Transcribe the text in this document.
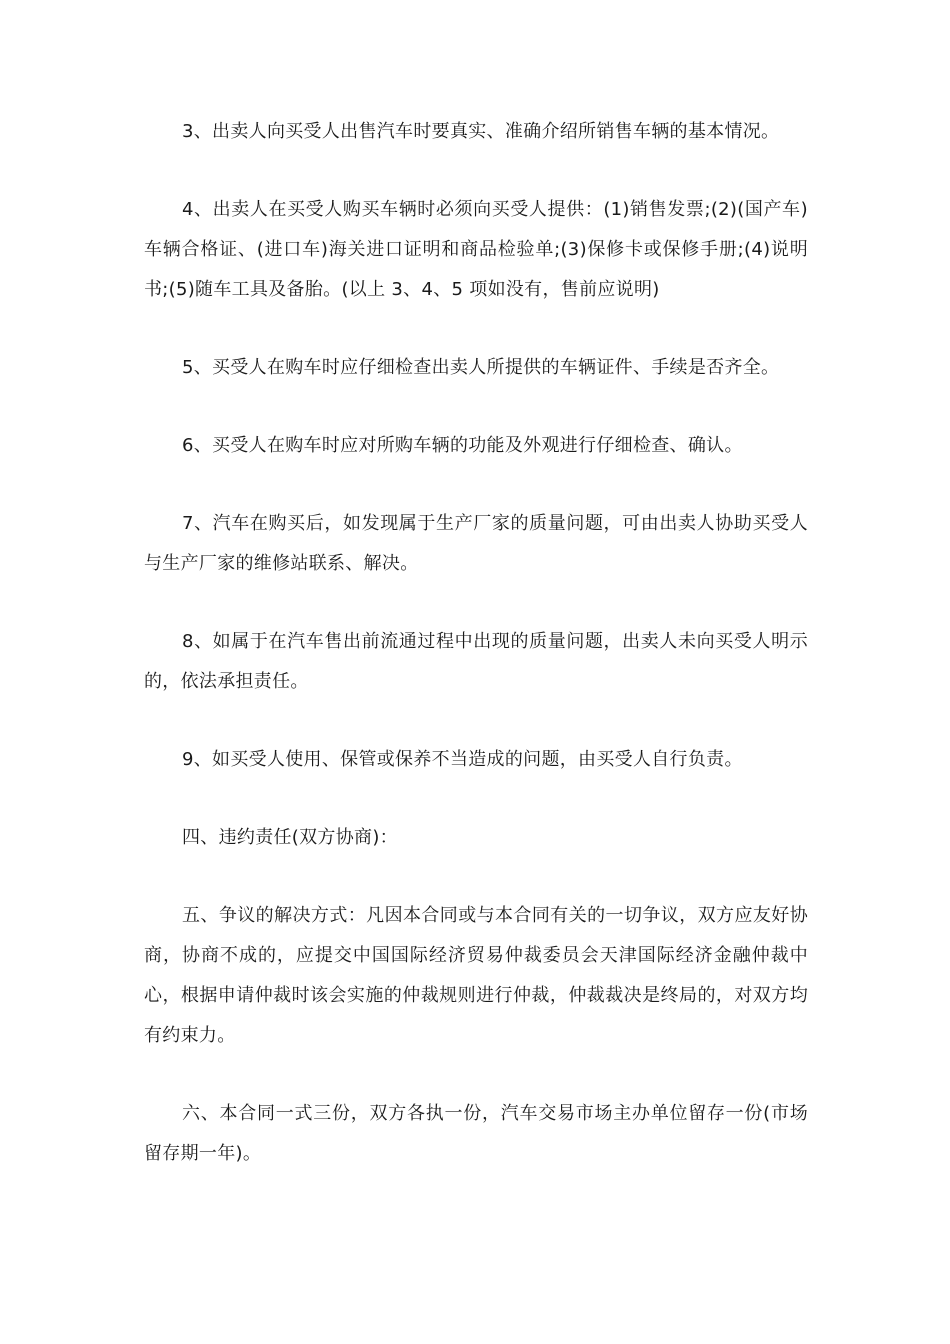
3、出卖人向买受人出售汽车时要真实、准确介绍所销售车辆的基本情况。

4、出卖人在买受人购买车辆时必须向买受人提供：(1)销售发票;(2)(国产车)车辆合格证、(进口车)海关进口证明和商品检验单;(3)保修卡或保修手册;(4)说明书;(5)随车工具及备胎。(以上 3、4、5 项如没有，售前应说明)

5、买受人在购车时应仔细检查出卖人所提供的车辆证件、手续是否齐全。

6、买受人在购车时应对所购车辆的功能及外观进行仔细检查、确认。

7、汽车在购买后，如发现属于生产厂家的质量问题，可由出卖人协助买受人与生产厂家的维修站联系、解决。

8、如属于在汽车售出前流通过程中出现的质量问题，出卖人未向买受人明示的，依法承担责任。

9、如买受人使用、保管或保养不当造成的问题，由买受人自行负责。

四、违约责任(双方协商)：

五、争议的解决方式：凡因本合同或与本合同有关的一切争议，双方应友好协商，协商不成的，应提交中国国际经济贸易仲裁委员会天津国际经济金融仲裁中心，根据申请仲裁时该会实施的仲裁规则进行仲裁，仲裁裁决是终局的，对双方均有约束力。

六、本合同一式三份，双方各执一份，汽车交易市场主办单位留存一份(市场留存期一年)。
